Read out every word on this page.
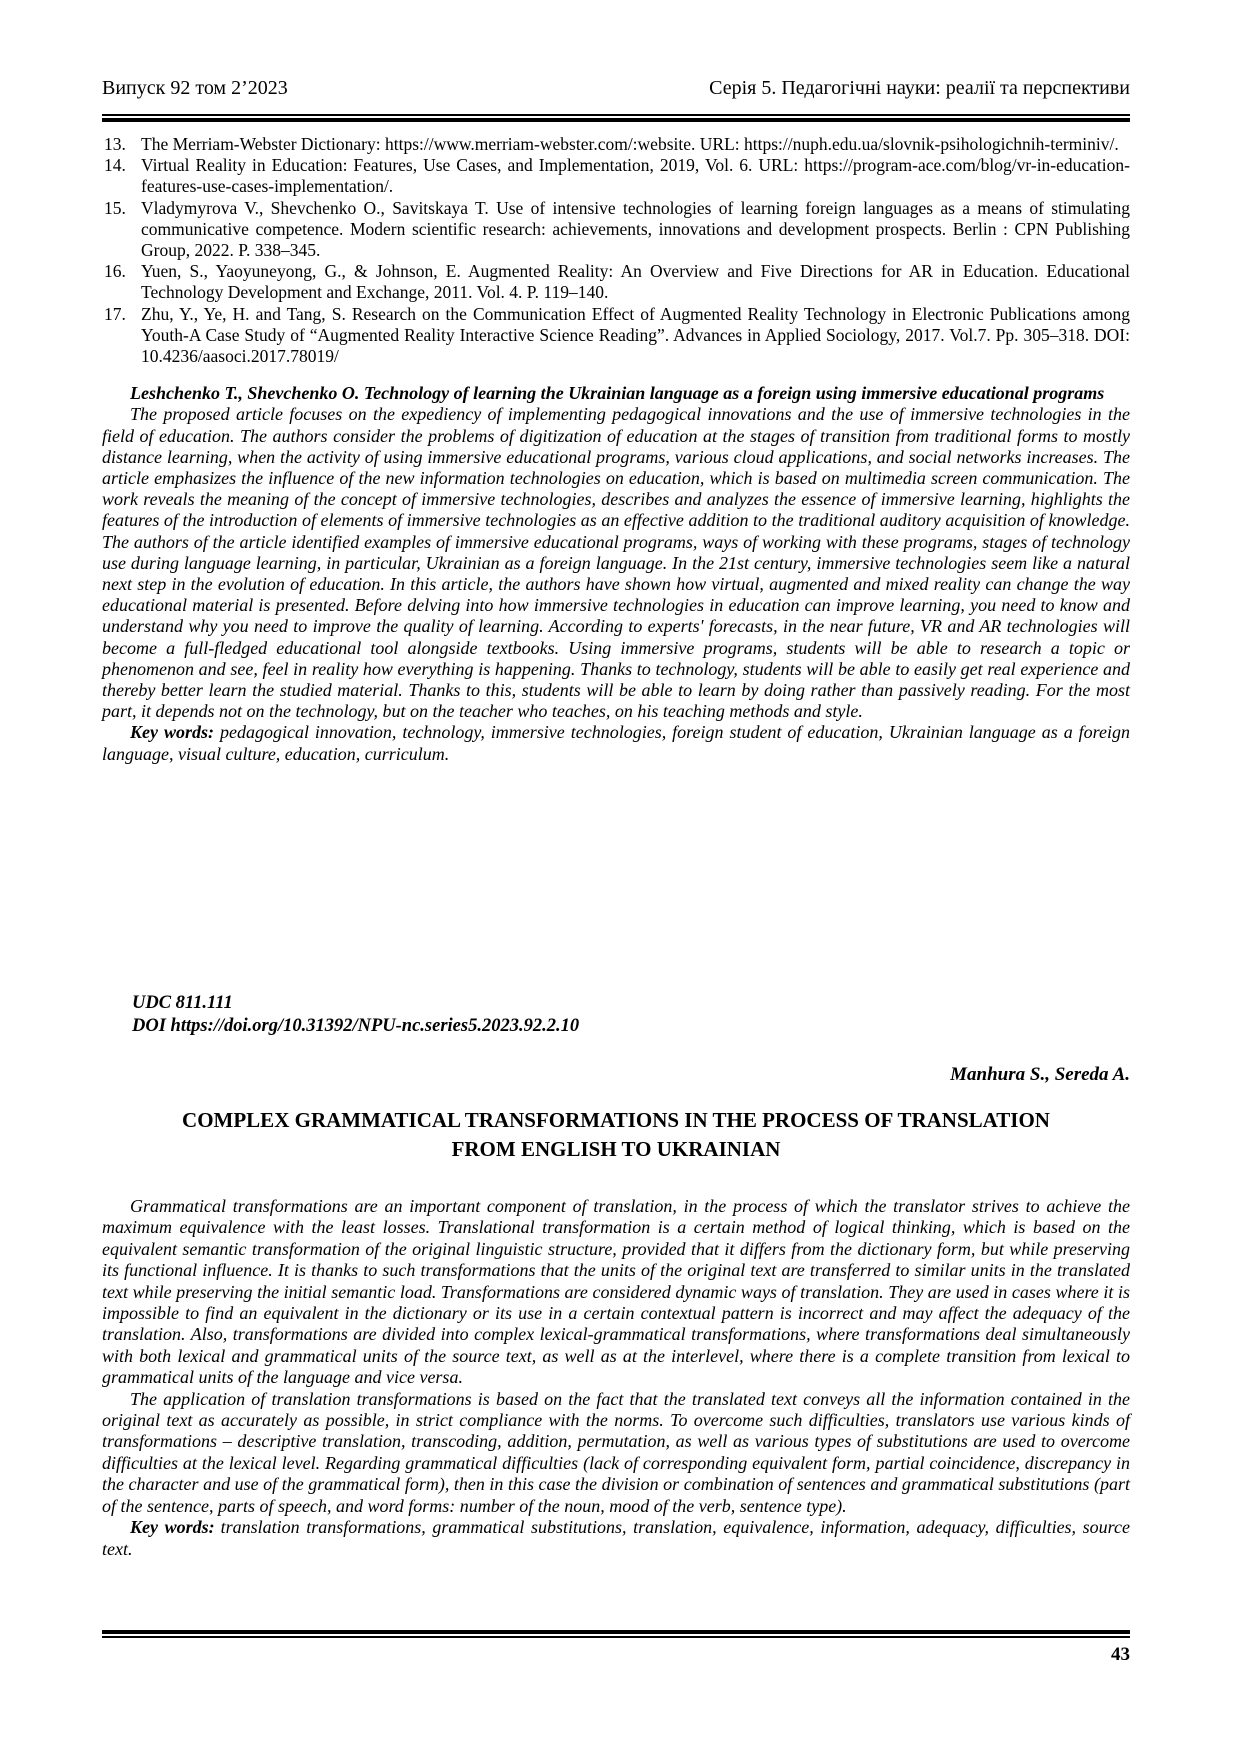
Випуск 92 том 2’2023	Серія 5. Педагогічні науки: реалії та перспективи
13. The Merriam-Webster Dictionary: https://www.merriam-webster.com/:website. URL: https://nuph.edu.ua/slovnik-psihologichnih-terminiv/.
14. Virtual Reality in Education: Features, Use Cases, and Implementation, 2019, Vol. 6. URL: https://program-ace.com/blog/vr-in-education-features-use-cases-implementation/.
15. Vladymyrova V., Shevchenko O., Savitskaya T. Use of intensive technologies of learning foreign languages as a means of stimulating communicative competence. Modern scientific research: achievements, innovations and development prospects. Berlin : CPN Publishing Group, 2022. P. 338–345.
16. Yuen, S., Yaoyuneyong, G., & Johnson, E. Augmented Reality: An Overview and Five Directions for AR in Education. Educational Technology Development and Exchange, 2011. Vol. 4. P. 119–140.
17. Zhu, Y., Ye, H. and Tang, S. Research on the Communication Effect of Augmented Reality Technology in Electronic Publications among Youth-A Case Study of “Augmented Reality Interactive Science Reading”. Advances in Applied Sociology, 2017. Vol.7. Pp. 305–318. DOI: 10.4236/aasoci.2017.78019/

Leshchenko T., Shevchenko O. Technology of learning the Ukrainian language as a foreign using immersive educational programs

The proposed article focuses on the expediency of implementing pedagogical innovations and the use of immersive technologies in the field of education. The authors consider the problems of digitization of education at the stages of transition from traditional forms to mostly distance learning, when the activity of using immersive educational programs, various cloud applications, and social networks increases. The article emphasizes the influence of the new information technologies on education, which is based on multimedia screen communication. The work reveals the meaning of the concept of immersive technologies, describes and analyzes the essence of immersive learning, highlights the features of the introduction of elements of immersive technologies as an effective addition to the traditional auditory acquisition of knowledge. The authors of the article identified examples of immersive educational programs, ways of working with these programs, stages of technology use during language learning, in particular, Ukrainian as a foreign language. In the 21st century, immersive technologies seem like a natural next step in the evolution of education. In this article, the authors have shown how virtual, augmented and mixed reality can change the way educational material is presented. Before delving into how immersive technologies in education can improve learning, you need to know and understand why you need to improve the quality of learning. According to experts' forecasts, in the near future, VR and AR technologies will become a full-fledged educational tool alongside textbooks. Using immersive programs, students will be able to research a topic or phenomenon and see, feel in reality how everything is happening. Thanks to technology, students will be able to easily get real experience and thereby better learn the studied material. Thanks to this, students will be able to learn by doing rather than passively reading. For the most part, it depends not on the technology, but on the teacher who teaches, on his teaching methods and style.

Key words: pedagogical innovation, technology, immersive technologies, foreign student of education, Ukrainian language as a foreign language, visual culture, education, curriculum.

UDC 811.111
DOI https://doi.org/10.31392/NPU-nc.series5.2023.92.2.10
Manhura S., Sereda A.
COMPLEX GRAMMATICAL TRANSFORMATIONS IN THE PROCESS OF TRANSLATION
FROM ENGLISH TO UKRAINIAN

Grammatical transformations are an important component of translation, in the process of which the translator strives to achieve the maximum equivalence with the least losses. Translational transformation is a certain method of logical thinking, which is based on the equivalent semantic transformation of the original linguistic structure, provided that it differs from the dictionary form, but while preserving its functional influence. It is thanks to such transformations that the units of the original text are transferred to similar units in the translated text while preserving the initial semantic load. Transformations are considered dynamic ways of translation. They are used in cases where it is impossible to find an equivalent in the dictionary or its use in a certain contextual pattern is incorrect and may affect the adequacy of the translation. Also, transformations are divided into complex lexical-grammatical transformations, where transformations deal simultaneously with both lexical and grammatical units of the source text, as well as at the interlevel, where there is a complete transition from lexical to grammatical units of the language and vice versa.

The application of translation transformations is based on the fact that the translated text conveys all the information contained in the original text as accurately as possible, in strict compliance with the norms. To overcome such difficulties, translators use various kinds of transformations – descriptive translation, transcoding, addition, permutation, as well as various types of substitutions are used to overcome difficulties at the lexical level. Regarding grammatical difficulties (lack of corresponding equivalent form, partial coincidence, discrepancy in the character and use of the grammatical form), then in this case the division or combination of sentences and grammatical substitutions (part of the sentence, parts of speech, and word forms: number of the noun, mood of the verb, sentence type).

Key words: translation transformations, grammatical substitutions, translation, equivalence, information, adequacy, difficulties, source text.

43
